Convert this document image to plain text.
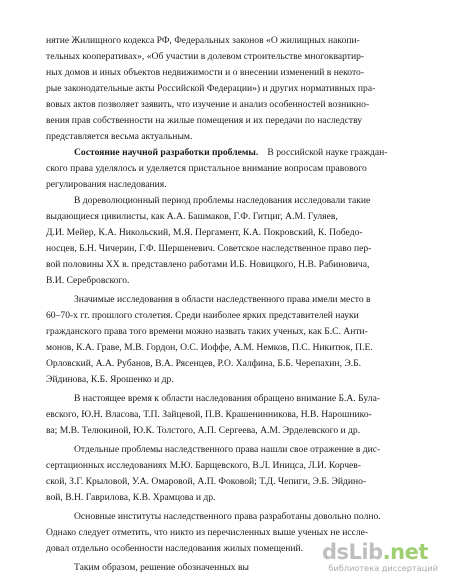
нятие Жилищного кодекса РФ, Федеральных законов «О жилищных накопи-
тельных кооперативах», «Об участии в долевом строительстве многоквартир-
ных домов и иных объектов недвижимости и о внесении изменений в некото-
рые законодательные акты Российской Федерации») и других нормативных пра-
вовых актов позволяет заявить, что изучение и анализ особенностей возникно-
вения прав собственности на жилые помещения и их передачи по наследству
представляется весьма актуальным.
Состояние научной разработки проблемы. В российской науке граждан-
ского права уделялось и уделяется пристальное внимание вопросам правового
регулирования наследования.
В дореволюционный период проблемы наследования исследовали такие
выдающиеся цивилисты, как А.А. Башмаков, Г.Ф. Гитциг, А.М. Гуляев,
Д.И. Мейер, К.А. Никольский, М.Я. Пергамент, К.А. Покровский, К. Победо-
носцев, Б.Н. Чичерин, Г.Ф. Шершеневич. Советское наследственное право пер-
вой половины XX в. представлено работами И.Б. Новицкого, Н.В. Рабиновича,
В.И. Серебровского.
Значимые исследования в области наследственного права имели место в
60–70-х гг. прошлого столетия. Среди наиболее ярких представителей науки
гражданского права того времени можно назвать таких ученых, как Б.С. Анти-
монов, К.А. Граве, М.В. Гордон, О.С. Иоффе, А.М. Немков, П.С. Никитюк, П.Е.
Орловский, А.А. Рубанов, В.А. Рясенцев, Р.О. Халфина, Б.Б. Черепахин, Э.Б.
Эйдинова, К.Б. Ярошенко и др.
В настоящее время к области наследования обращено внимание Б.А. Була-
евского, Ю.Н. Власова, Т.П. Зайцевой, П.В. Крашенинникова, Н.В. Нарошнико-
ва; М.В. Телюкиной, Ю.К. Толстого, А.П. Сергеева, А.М. Эрделевского и др.
Отдельные проблемы наследственного права нашли свое отражение в дис-
сертационных исследованиях М.Ю. Барщевского, В.Л. Иницса, Л.И. Корчев-
ской, З.Г. Крыловой, У.А. Омаровой, А.П. Фоковой; Т.Д. Чепиги, Э.Б. Эйдино-
вой, В.Н. Гаврилова, К.В. Храмцова и др.
Основные институты наследственного права разработаны довольно полно.
Однако следует отметить, что никто из перечисленных выше ученых не иссле-
довал отдельно особенности наследования жилых помещений.
Таким образом, решение обозначенных вы
dsLib.net
библиотека диссертаций
